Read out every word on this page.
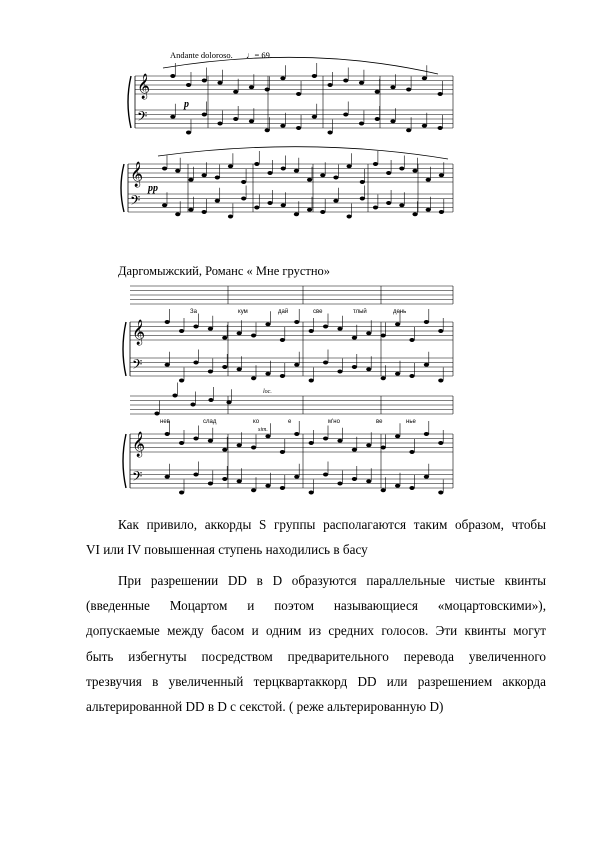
Andante doloroso. ♩= 69.
p
pp
𝄞
𝄢
𝄞
𝄢
Даргомыжский, Романс « Мне грустно»
𝄞
𝄢
𝄞
𝄢
За	кум	дай	све	тлый	день
нев	слад	ко	е	м'но	ве	нье
loc.
sim.
Как привило, аккорды S группы располагаются таким образом, чтобы
VI или IV повышенная ступень находились в басу
При разрешении DD в D образуются параллельные чистые квинты
(введенные Моцартом и поэтом называющиеся «моцартовскими»),
допускаемые между басом и одним из средних голосов. Эти квинты могут
быть избегнуты посредством предварительного перевода увеличенного
трезвучия в увеличенный терцквартаккорд DD или разрешением аккорда
альтерированной DD в D с секстой. ( реже альтерированную D)
